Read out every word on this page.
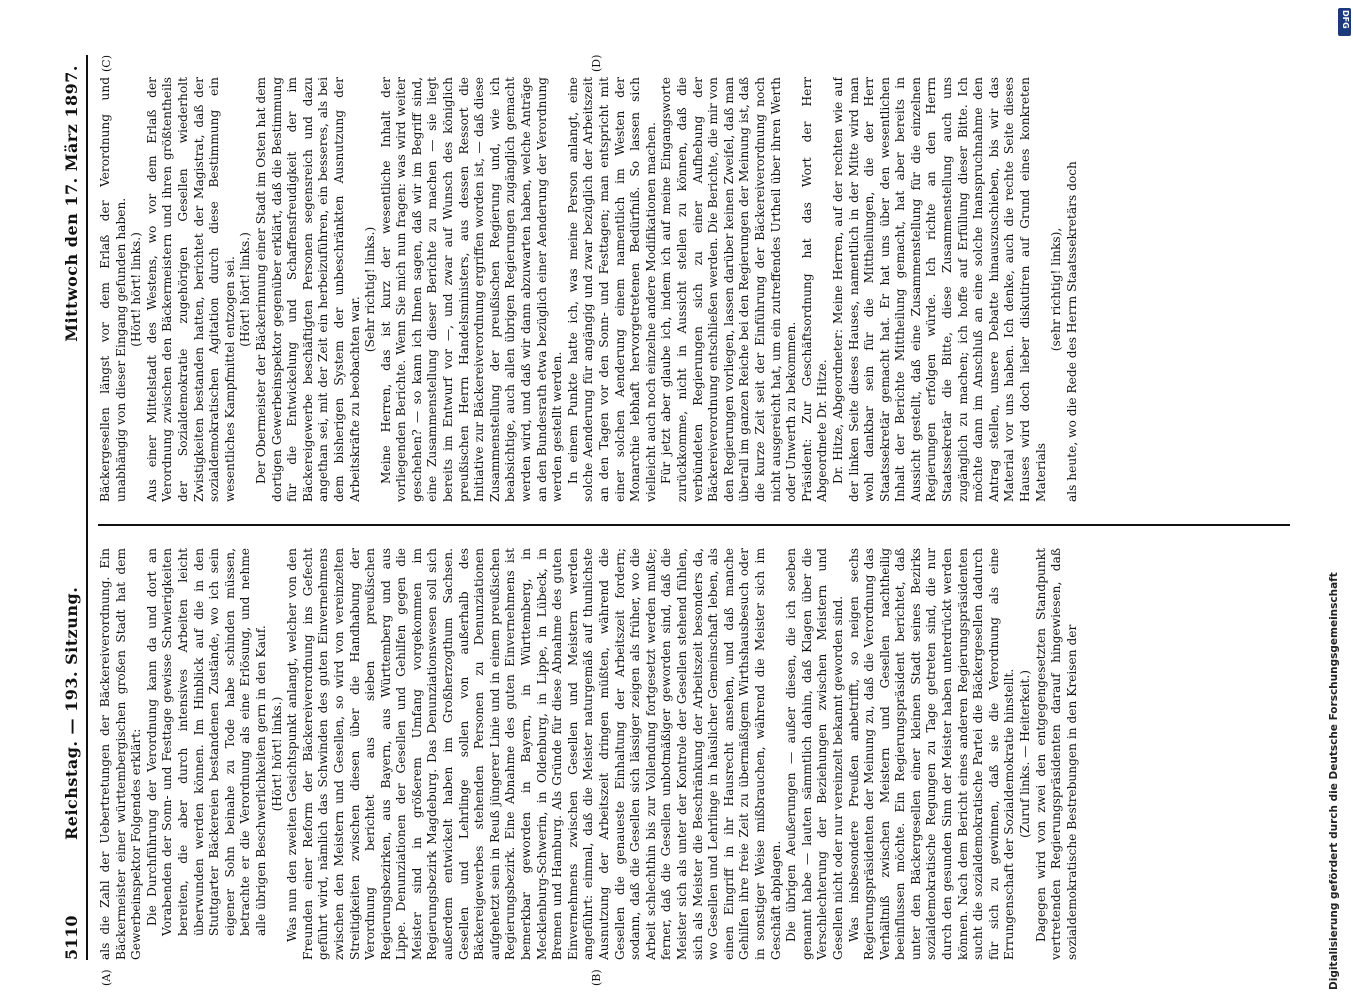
5110
Reichstag. — 193. Sitzung.
Mittwoch den 17. März 1897.
(A)	(B)
(C)	(D)

als die Zahl der Uebertretungen der Bäckereiverordnung. Ein Bäckermeister einer württembergischen großen Stadt hat dem Gewerbeinspektor Folgendes erklärt: Die Durchführung der Verordnung kann da und dort an Vorabenden der Sonn- und Festtage gewisse Schwierigkeiten bereiten, die aber durch intensives Arbeiten leicht überwunden werden können. Im Hinblick auf die in den Stuttgarter Bäckereien bestandenen Zustände, wo ich sein eigener Sohn beinahe zu Tode habe schinden müssen, betrachte er die Verordnung als eine Erlösung, und nehme alle übrigen Beschwerlichkeiten gern in den Kauf. (Hört! hört! links.) Was nun den zweiten Gesichtspunkt anlangt, welcher von den Freunden einer Reform der Bäckereiverordnung ins Gefecht geführt wird, nämlich das Schwinden des guten Einvernehmens zwischen den Meistern und Gesellen, so wird von vereinzelten Streitigkeiten zwischen diesen über die Handhabung der Verordnung berichtet aus sieben preußischen Regierungsbezirken, aus Bayern, aus Württemberg und aus Lippe. Denunziationen der Gesellen und Gehilfen gegen die Meister sind in größerem Umfang vorgekommen im Regierungsbezirk Magdeburg. Das Denunziationswesen soll sich außerdem entwickelt haben im Großherzogthum Sachsen. Gesellen und Lehrlinge sollen von außerhalb des Bäckereigewerbes stehenden Personen zu Denunziationen aufgehetzt sein in Reuß jüngerer Linie und in einem preußischen Regierungsbezirk. Eine Abnahme des guten Einvernehmens ist bemerkbar geworden in Bayern, in Württemberg, in Mecklenburg-Schwerin, in Oldenburg, in Lippe, in Lübeck, in Bremen und Hamburg. Als Gründe für diese Abnahme des guten Einvernehmens zwischen Gesellen und Meistern werden angeführt: einmal, daß die Meister naturgemäß auf thunlichste Ausnutzung der Arbeitszeit dringen müßten, während die Gesellen die genaueste Einhaltung der Arbeitszeit fordern; sodann, daß die Gesellen sich lässiger zeigen als früher, wo die Arbeit schlechthin bis zur Vollendung fortgesetzt werden mußte; ferner, daß die Gesellen unbotmäßiger geworden sind, daß die Meister sich als unter der Kontrole der Gesellen stehend fühlen, sich als Meister die Beschränkung der Arbeitszeit besonders da, wo Gesellen und Lehrlinge in häuslicher Gemeinschaft leben, als einen Eingriff in ihr Hausrecht ansehen, und daß manche Gehilfen ihre freie Zeit zu übermäßigem Wirthshausbesuch oder in sonstiger Weise mißbrauchen, während die Meister sich im Geschäft abplagen. Die übrigen Aeußerungen — außer diesen, die ich soeben genannt habe — lauten sämmtlich dahin, daß Klagen über die Verschlechterung der Beziehungen zwischen Meistern und Gesellen nicht oder nur vereinzelt bekannt geworden sind. Was insbesondere Preußen anbetrifft, so neigen sechs Regierungspräsidenten der Meinung zu, daß die Verordnung das Verhältniß zwischen Meistern und Gesellen nachtheilig beeinflussen möchte. Ein Regierungspräsident berichtet, daß unter den Bäckergesellen einer kleinen Stadt seines Bezirks sozialdemokratische Regungen zu Tage getreten sind, die nur durch den gesunden Sinn der Meister haben unterdrückt werden können. Nach dem Bericht eines anderen Regierungspräsidenten sucht die sozialdemokratische Partei die Bäckergesellen dadurch für sich zu gewinnen, daß sie die Verordnung als eine Errungenschaft der Sozialdemokratie hinstellt. (Zuruf links. — Heiterkeit.) Dagegen wird von zwei den entgegengesetzten Standpunkt vertretenden Regierungspräsidenten darauf hingewiesen, daß sozialdemokratische Bestrebungen in den Kreisen der

Bäckergesellen längst vor dem Erlaß der Verordnung und unabhängig von dieser Eingang gefunden haben. (Hört! hört! links.) Aus einer Mittelstadt des Westens, wo vor dem Erlaß der Verordnung zwischen den Bäckermeistern und ihren größtentheils der Sozialdemokratie zugehörigen Gesellen wiederholt Zwistigkeiten bestanden hatten, berichtet der Magistrat, daß der sozialdemokratischen Agitation durch diese Bestimmung ein wesentliches Kampfmittel entzogen sei. (Hört! hört! links.) Der Obermeister der Bäckerinnung einer Stadt im Osten hat dem dortigen Gewerbeinspektor gegenüber erklärt, daß die Bestimmung für die Entwickelung und Schaffensfreudigkeit der im Bäckereigewerbe beschäftigten Personen segensreich und dazu angethan sei, mit der Zeit ein herbeizuführen, ein besseres, als bei dem bisherigen System der unbeschränkten Ausnutzung der Arbeitskräfte zu beobachten war.

(Sehr richtig! links.) Meine Herren, das ist kurz der wesentliche Inhalt der vorliegenden Berichte. Wenn Sie mich nun fragen: was wird weiter geschehen? — so kann ich Ihnen sagen, daß wir im Begriff sind, eine Zusammenstellung dieser Berichte zu machen — sie liegt bereits im Entwurf vor —, und zwar auf Wunsch des königlich preußischen Herrn Handelsministers, aus dessen Ressort die Initiative zur Bäckereiverordnung ergriffen worden ist, — daß diese Zusammenstellung der preußischen Regierung und, wie ich beabsichtige, auch allen übrigen Regierungen zugänglich gemacht werden wird, und daß wir dann abzuwarten haben, welche Anträge an den Bundesrath etwa bezüglich einer Aenderung der Verordnung werden gestellt werden. In einem Punkte hatte ich, was meine Person anlangt, eine solche Aenderung für angängig und zwar bezüglich der Arbeitszeit an den Tagen vor den Sonn- und Festtagen; man entspricht mit einer solchen Aenderung einem namentlich im Westen der Monarchie lebhaft hervorgetretenen Bedürfniß. So lassen sich vielleicht auch noch einzelne andere Modifikationen machen. Für jetzt aber glaube ich, indem ich auf meine Eingangsworte zurückkomme, nicht in Aussicht stellen zu können, daß die verbündeten Regierungen sich zu einer Aufhebung der Bäckereiverordnung entschließen werden. Die Berichte, die mir von den Regierungen vorliegen, lassen darüber keinen Zweifel, daß man überall im ganzen Reiche bei den Regierungen der Meinung ist, daß die kurze Zeit seit der Einführung der Bäckereiverordnung noch nicht ausgereicht hat, um ein zutreffendes Urtheil über ihren Werth oder Unwerth zu bekommen. Präsident: Zur Geschäftsordnung hat das Wort der Herr Abgeordnete Dr. Hitze. Dr. Hitze, Abgeordneter: Meine Herren, auf der rechten wie auf der linken Seite dieses Hauses, namentlich in der Mitte wird man wohl dankbar sein für die Mittheilungen, die der Herr Staatssekretär gemacht hat. Er hat uns über den wesentlichen Inhalt der Berichte Mittheilung gemacht, hat aber bereits in Aussicht gestellt, daß eine Zusammenstellung für die einzelnen Regierungen erfolgen würde. Ich richte an den Herrn Staatssekretär die Bitte, diese Zusammenstellung auch uns zugänglich zu machen; ich hoffe auf Erfüllung dieser Bitte. Ich möchte dann im Anschluß an eine solche Inanspruchnahme den Antrag stellen, unsere Debatte hinauszuschieben, bis wir das Material vor uns haben. Ich denke, auch die rechte Seite dieses Hauses wird doch lieber diskutiren auf Grund eines konkreten Materials

(sehr richtig! links), als heute, wo die Rede des Herrn Staatssekretärs doch

Digitalisierung gefördert durch die Deutsche Forschungsgemeinschaft
DFG
